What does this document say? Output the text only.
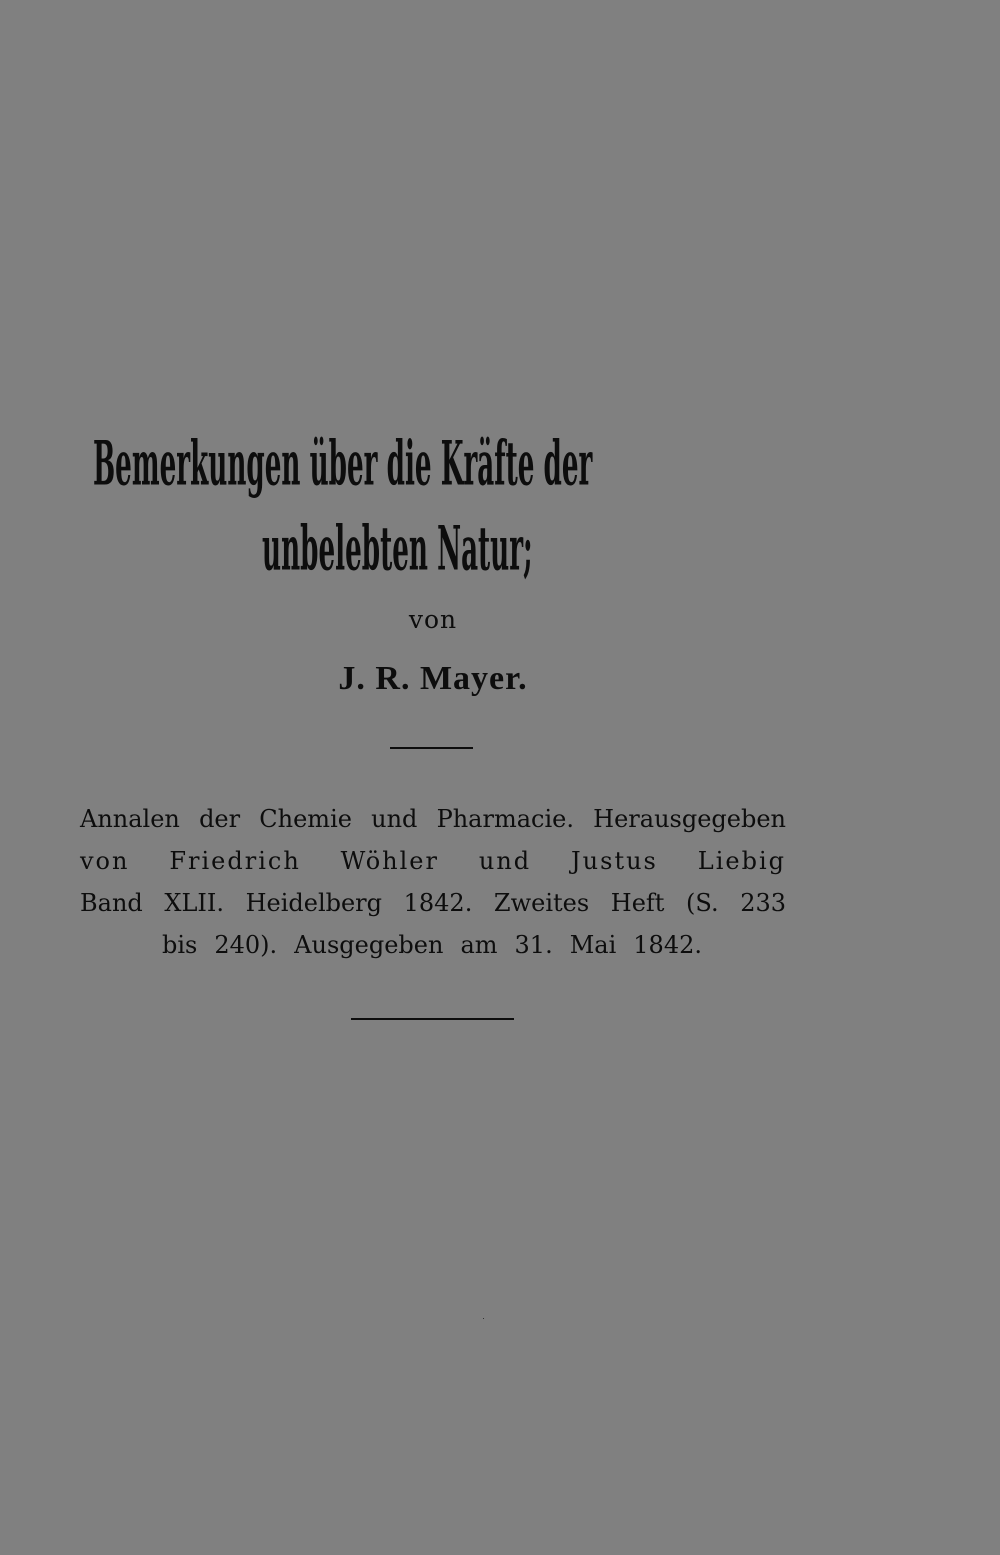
Bemerkungen über die Kräfte der
unbelebten Natur;
von
J. R. Mayer.
Annalen der Chemie und Pharmacie. Herausgegeben
von Friedrich Wöhler und Justus Liebig
Band XLII. Heidelberg 1842. Zweites Heft (S. 233
bis 240). Ausgegeben am 31. Mai 1842.
